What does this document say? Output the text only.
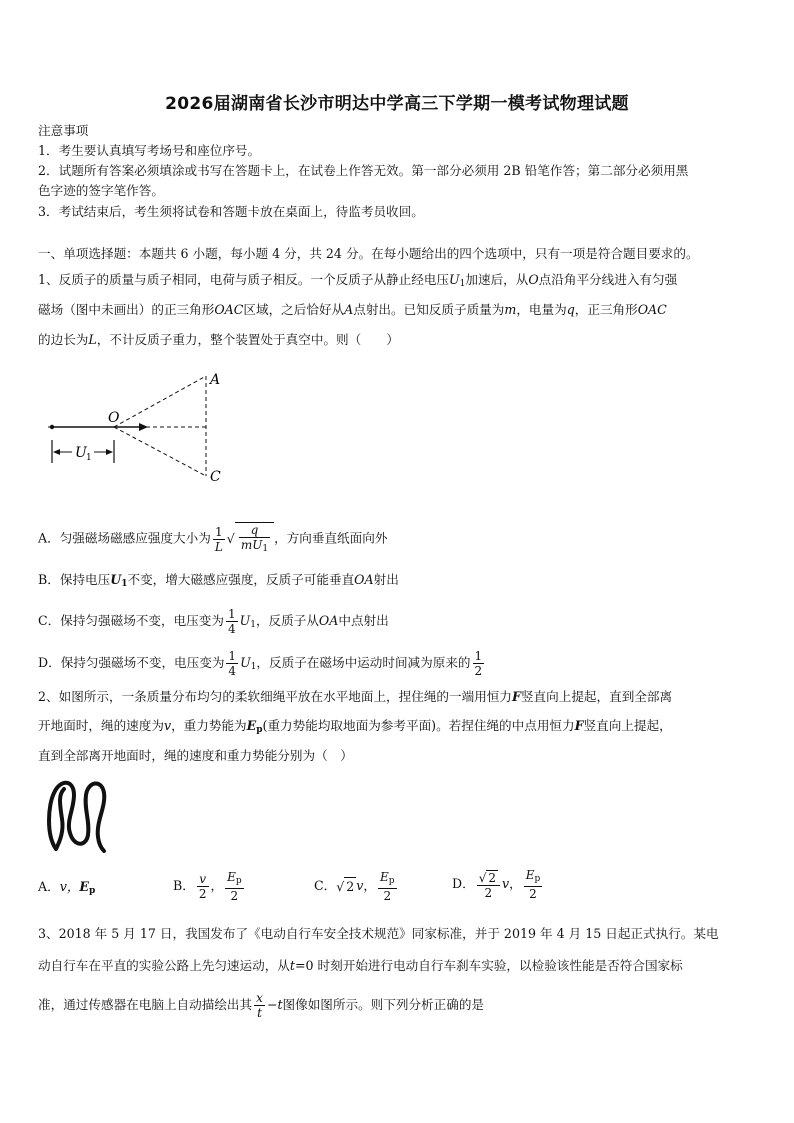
2026届湖南省长沙市明达中学高三下学期一模考试物理试题
注意事项
1．考生要认真填写考场号和座位序号。
2．试题所有答案必须填涂或书写在答题卡上，在试卷上作答无效。第一部分必须用 2B 铅笔作答；第二部分必须用黑
色字迹的签字笔作答。
3．考试结束后，考生须将试卷和答题卡放在桌面上，待监考员收回。
一、单项选择题：本题共 6 小题，每小题 4 分，共 24 分。在每小题给出的四个选项中，只有一项是符合题目要求的。
1、反质子的质量与质子相同，电荷与质子相反。一个反质子从静止经电压$U_1$加速后，从O点沿角平分线进入有匀强
磁场（图中未画出）的正三角形OAC区域，之后恰好从A点射出。已知反质子质量为m，电量为q，正三角形OAC
的边长为L，不计反质子重力，整个装置处于真空中。则（　　）
O
A
C
U 1
A．匀强磁场磁感应强度大小为 $\frac{1}{L}$ √ $\frac{q}{mU_1}$ ，方向垂直纸面向外
B．保持电压$U_1$不变，增大磁感应强度，反质子可能垂直OA射出
C．保持匀强磁场不变，电压变为 $\frac{1}{4} U_1$，反质子从OA中点射出
D．保持匀强磁场不变，电压变为 $\frac{1}{4} U_1$，反质子在磁场中运动时间减为原来的 $\frac{1}{2}$
2、如图所示，一条质量分布均匀的柔软细绳平放在水平地面上，捏住绳的一端用恒力F竖直向上提起，直到全部离
开地面时，绳的速度为v，重力势能为$E_p$(重力势能均取地面为参考平面)。若捏住绳的中点用恒力F竖直向上提起，
直到全部离开地面时，绳的速度和重力势能分别为（　）
A．v，$E_p$	B． $\frac{v}{2}$ ， $\frac{E_p}{2}$	C．√ 2 v， $\frac{E_p}{2}$	D． $\frac{√ 2}{2}$ v， $\frac{E_p}{2}$
3、2018 年 5 月 17 日，我国发布了《电动自行车安全技术规范》同家标准，并于 2019 年 4 月 15 日起正式执行。某电
动自行车在平直的实验公路上先匀速运动，从t=0 时刻开始进行电动自行车刹车实验，以检验该性能是否符合国家标
准，通过传感器在电脑上自动描绘出其 $\frac{x}{t} -t$图像如图所示。则下列分析正确的是
